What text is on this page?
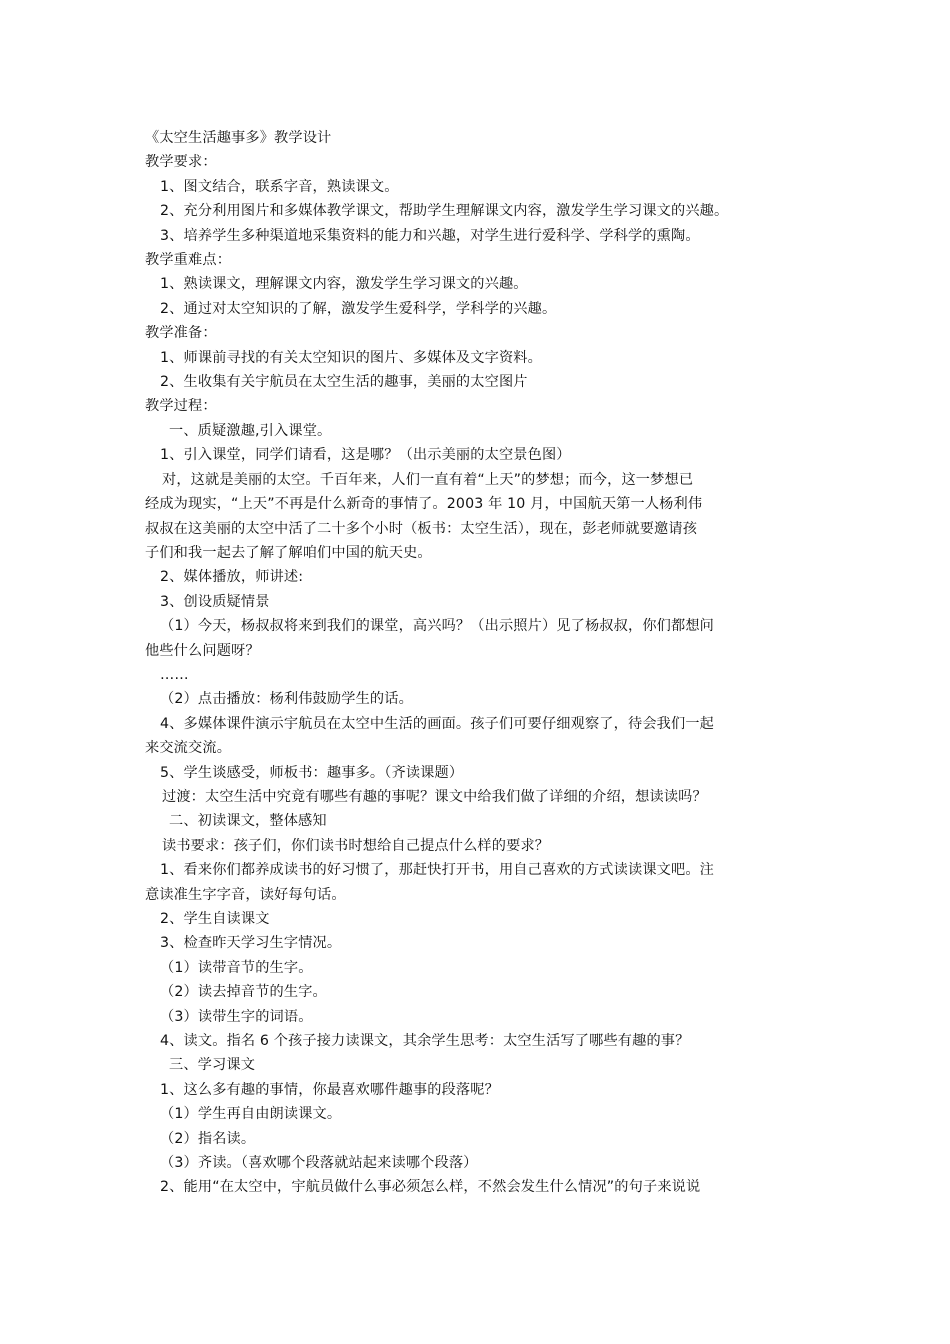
《太空生活趣事多》教学设计
教学要求：
1、图文结合，联系字音，熟读课文。
2、充分利用图片和多媒体教学课文，帮助学生理解课文内容，激发学生学习课文的兴趣。
3、培养学生多种渠道地采集资料的能力和兴趣，对学生进行爱科学、学科学的熏陶。
教学重难点：
1、熟读课文，理解课文内容，激发学生学习课文的兴趣。
2、通过对太空知识的了解，激发学生爱科学，学科学的兴趣。
教学准备：
1、师课前寻找的有关太空知识的图片、多媒体及文字资料。
2、生收集有关宇航员在太空生活的趣事，美丽的太空图片
教学过程：
一、质疑激趣,引入课堂。
1、引入课堂，同学们请看，这是哪？（出示美丽的太空景色图）
对，这就是美丽的太空。千百年来，人们一直有着“上天”的梦想；而今，这一梦想已
经成为现实，“上天”不再是什么新奇的事情了。2003 年 10 月，中国航天第一人杨利伟
叔叔在这美丽的太空中活了二十多个小时（板书：太空生活），现在，彭老师就要邀请孩
子们和我一起去了解了解咱们中国的航天史。
2、媒体播放，师讲述:
3、创设质疑情景
（1）今天，杨叔叔将来到我们的课堂，高兴吗？（出示照片）见了杨叔叔，你们都想问
他些什么问题呀？
……
（2）点击播放：杨利伟鼓励学生的话。
4、多媒体课件演示宇航员在太空中生活的画面。孩子们可要仔细观察了，待会我们一起
来交流交流。
5、学生谈感受，师板书：趣事多。（齐读课题）
过渡：太空生活中究竟有哪些有趣的事呢？课文中给我们做了详细的介绍，想读读吗？
二、初读课文，整体感知
读书要求：孩子们，你们读书时想给自己提点什么样的要求？
1、看来你们都养成读书的好习惯了，那赶快打开书，用自己喜欢的方式读读课文吧。注
意读准生字字音，读好每句话。
2、学生自读课文
3、检查昨天学习生字情况。
（1）读带音节的生字。
（2）读去掉音节的生字。
（3）读带生字的词语。
4、读文。指名 6 个孩子接力读课文，其余学生思考：太空生活写了哪些有趣的事？
三、学习课文
1、这么多有趣的事情，你最喜欢哪件趣事的段落呢？
（1）学生再自由朗读课文。
（2）指名读。
（3）齐读。（喜欢哪个段落就站起来读哪个段落）
2、能用“在太空中，宇航员做什么事必须怎么样，不然会发生什么情况”的句子来说说
